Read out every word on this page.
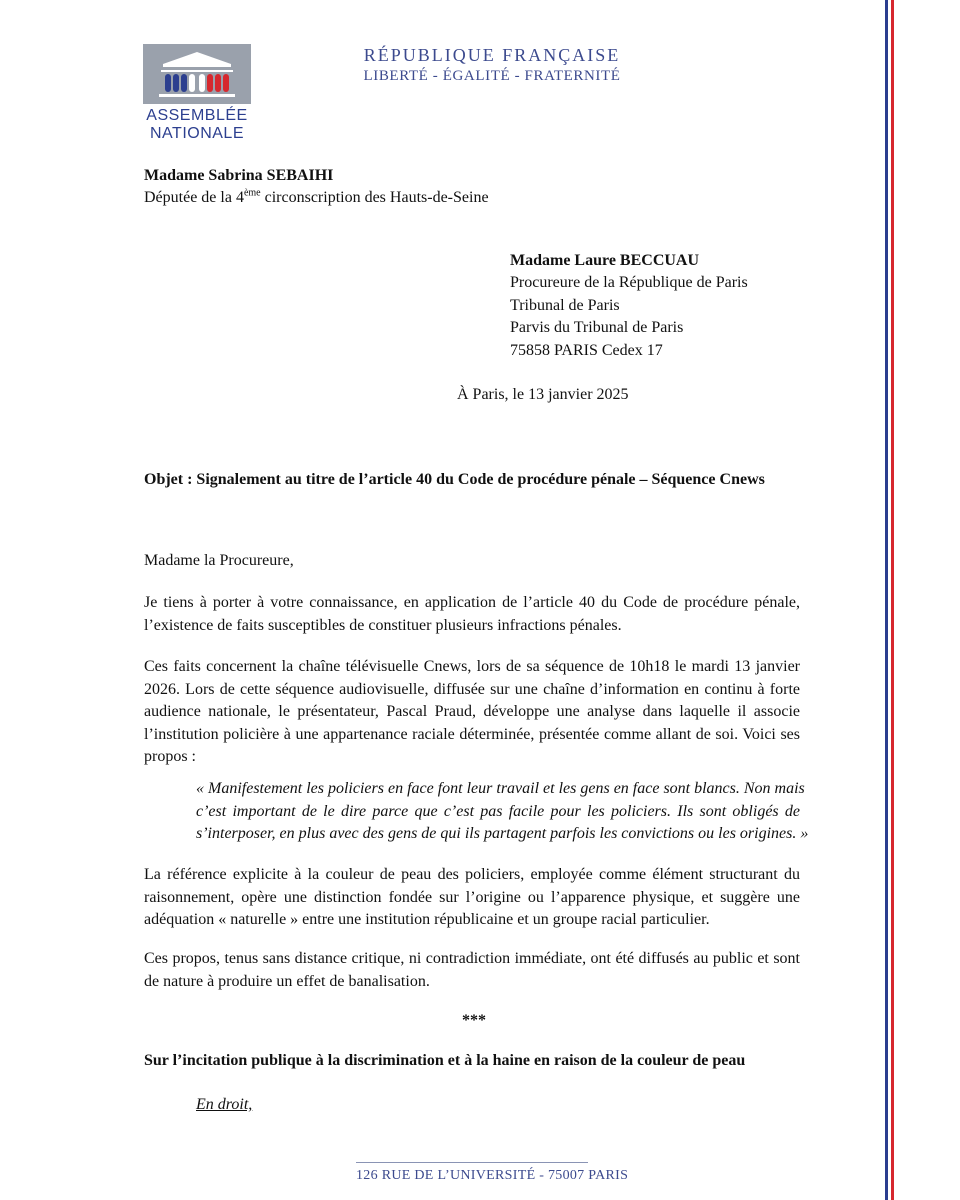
ASSEMBLÉE
NATIONALE
RÉPUBLIQUE FRANÇAISE
LIBERTÉ - ÉGALITÉ - FRATERNITÉ
Madame Sabrina SEBAIHI
Députée de la 4ème circonscription des Hauts-de-Seine
Madame Laure BECCUAU
Procureure de la République de Paris
Tribunal de Paris
Parvis du Tribunal de Paris
75858 PARIS Cedex 17
À Paris, le 13 janvier 2025
Objet : Signalement au titre de l’article 40 du Code de procédure pénale – Séquence Cnews
Madame la Procureure,
Je tiens à porter à votre connaissance, en application de l’article 40 du Code de procédure pénale,
l’existence de faits susceptibles de constituer plusieurs infractions pénales.
Ces faits concernent la chaîne télévisuelle Cnews, lors de sa séquence de 10h18 le mardi 13 janvier
2026. Lors de cette séquence audiovisuelle, diffusée sur une chaîne d’information en continu à forte
audience nationale, le présentateur, Pascal Praud, développe une analyse dans laquelle il associe
l’institution policière à une appartenance raciale déterminée, présentée comme allant de soi. Voici ses
propos :
« Manifestement les policiers en face font leur travail et les gens en face sont blancs. Non mais
c’est important de le dire parce que c’est pas facile pour les policiers. Ils sont obligés de
s’interposer, en plus avec des gens de qui ils partagent parfois les convictions ou les origines. »
La référence explicite à la couleur de peau des policiers, employée comme élément structurant du
raisonnement, opère une distinction fondée sur l’origine ou l’apparence physique, et suggère une
adéquation « naturelle » entre une institution républicaine et un groupe racial particulier.
Ces propos, tenus sans distance critique, ni contradiction immédiate, ont été diffusés au public et sont
de nature à produire un effet de banalisation.
***
Sur l’incitation publique à la discrimination et à la haine en raison de la couleur de peau
En droit,
126 RUE DE L’UNIVERSITÉ - 75007 PARIS
